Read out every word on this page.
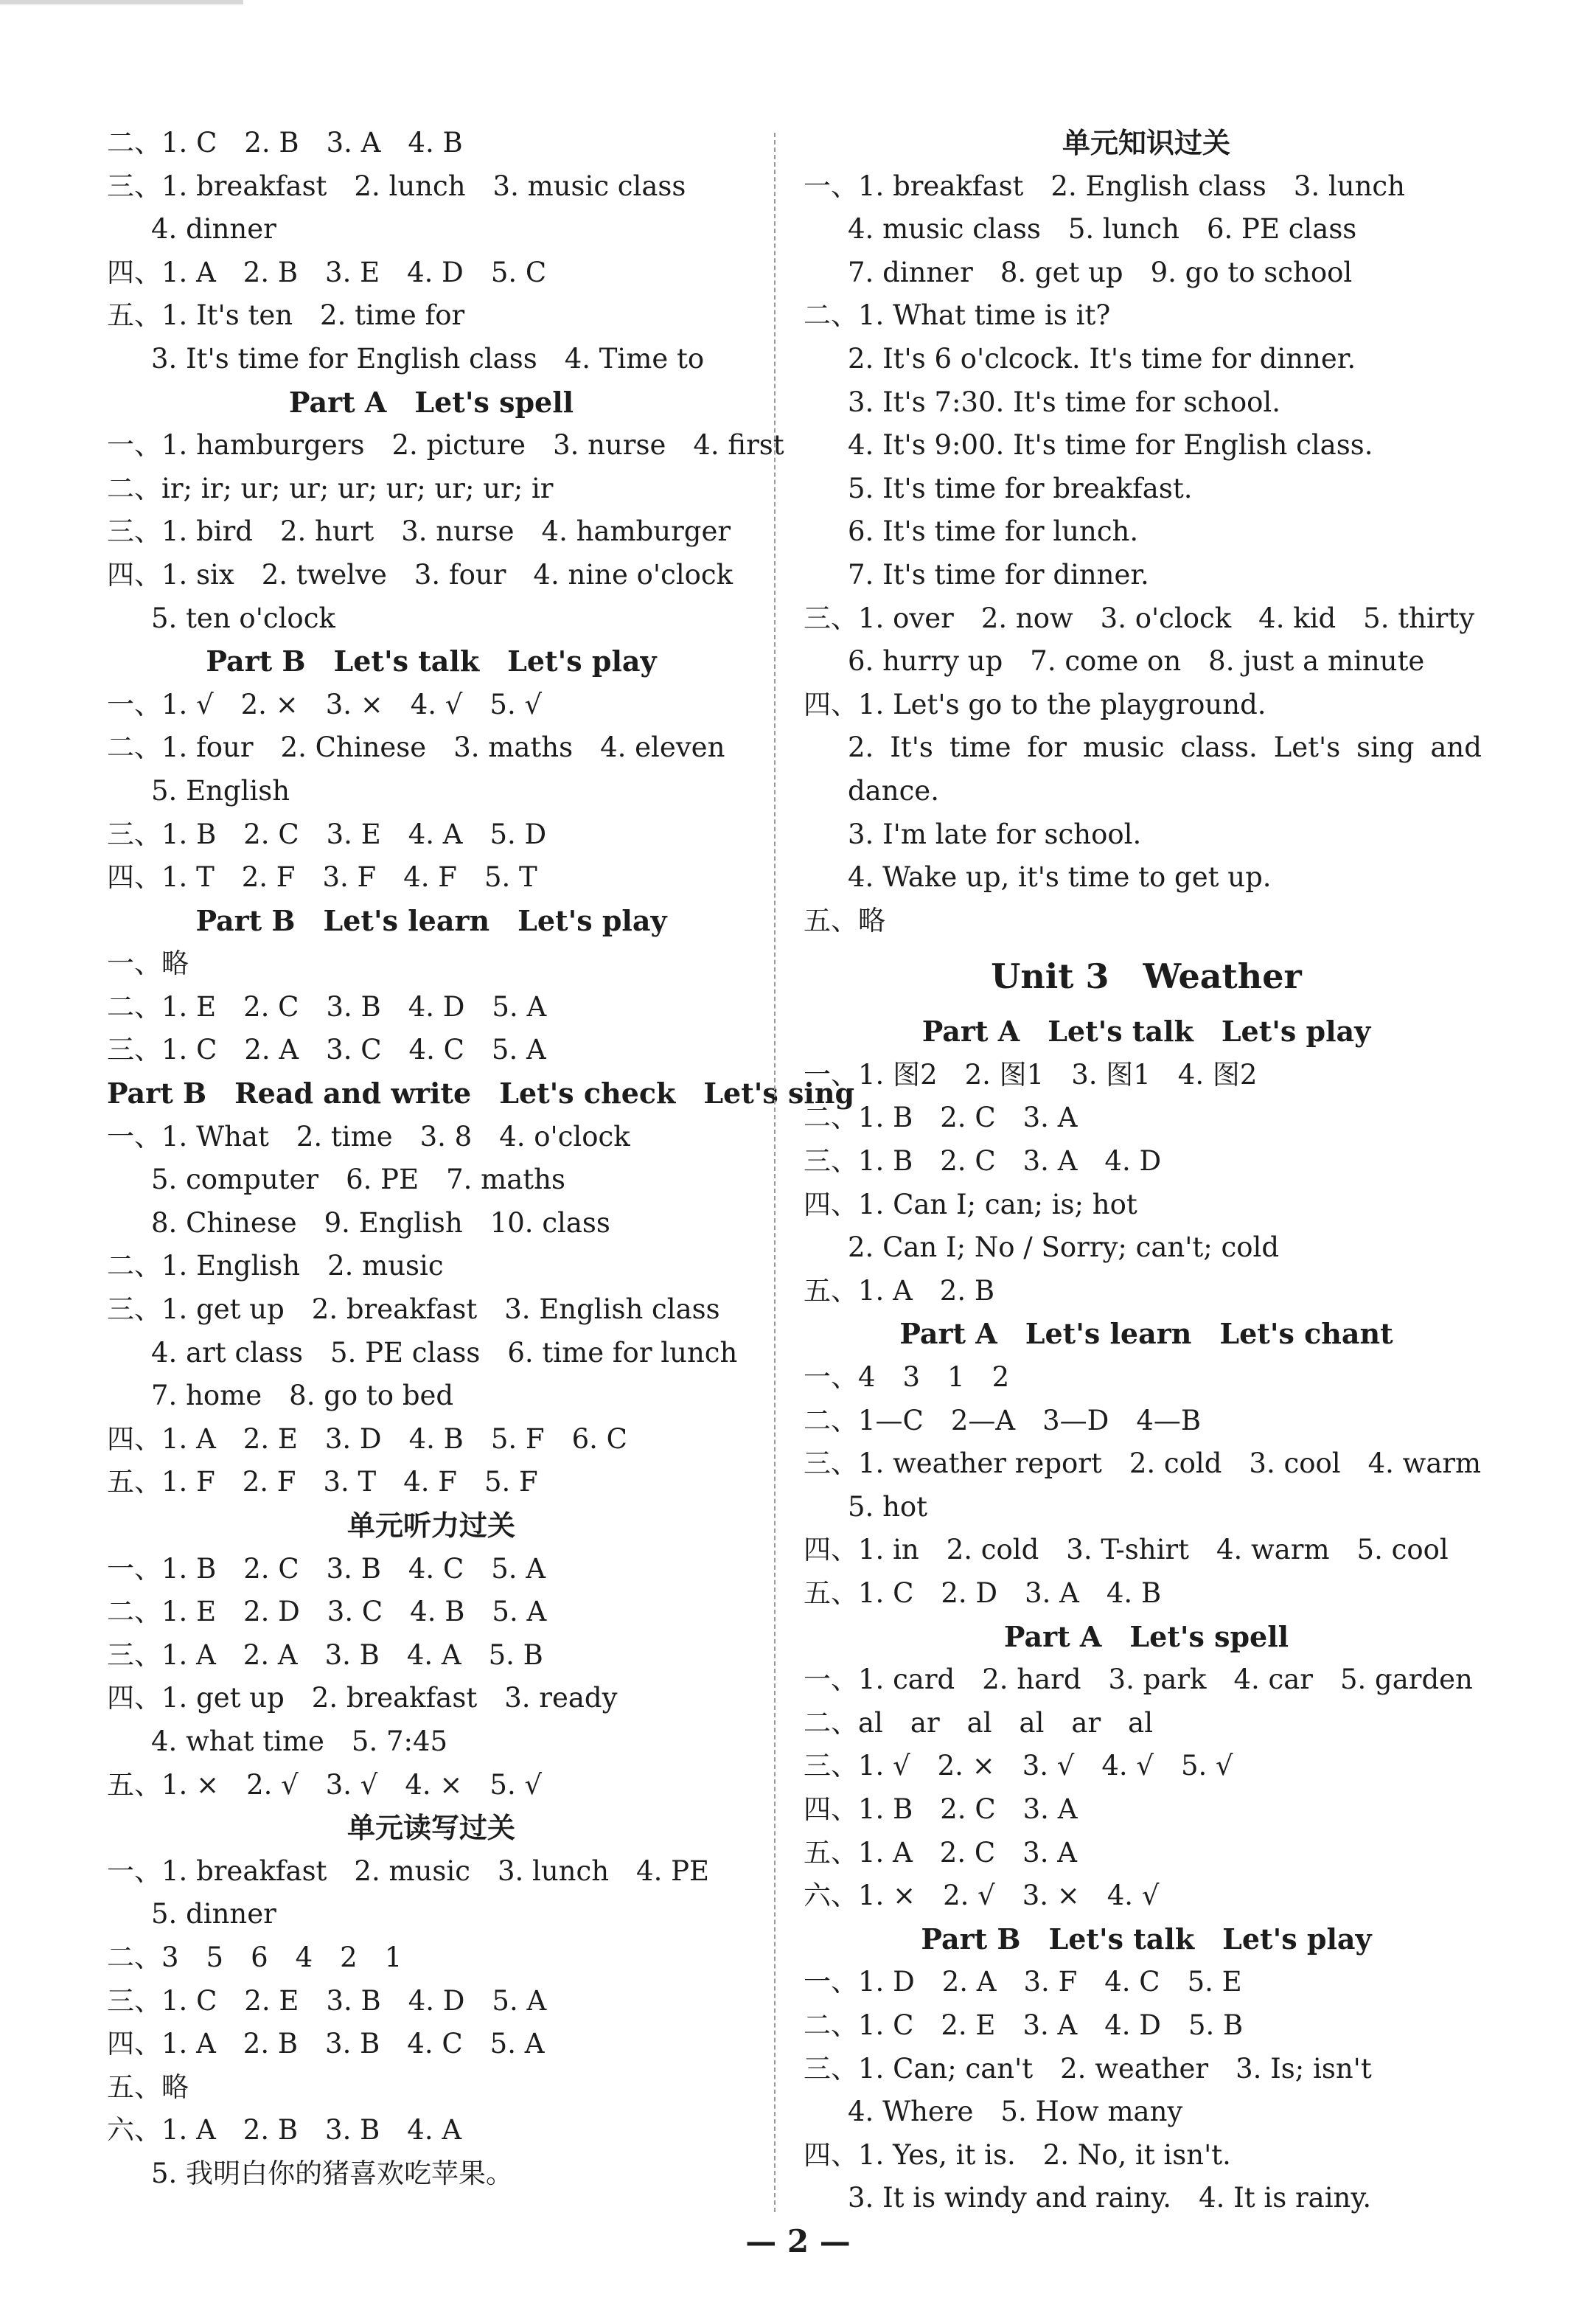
二、1. C　2. B　3. A　4. B
三、1. breakfast　2. lunch　3. music class
4. dinner
四、1. A　2. B　3. E　4. D　5. C
五、1. It's ten　2. time for
3. It's time for English class　4. Time to
Part A　Let's spell
一、1. hamburgers　2. picture　3. nurse　4. first
二、ir; ir; ur; ur; ur; ur; ur; ur; ir
三、1. bird　2. hurt　3. nurse　4. hamburger
四、1. six　2. twelve　3. four　4. nine o'clock
5. ten o'clock
Part B　Let's talk　Let's play
一、1. √　2. ×　3. ×　4. √　5. √
二、1. four　2. Chinese　3. maths　4. eleven
5. English
三、1. B　2. C　3. E　4. A　5. D
四、1. T　2. F　3. F　4. F　5. T
Part B　Let's learn　Let's play
一、略
二、1. E　2. C　3. B　4. D　5. A
三、1. C　2. A　3. C　4. C　5. A
Part B　Read and write　Let's check　Let's sing
一、1. What　2. time　3. 8　4. o'clock
5. computer　6. PE　7. maths
8. Chinese　9. English　10. class
二、1. English　2. music
三、1. get up　2. breakfast　3. English class
4. art class　5. PE class　6. time for lunch
7. home　8. go to bed
四、1. A　2. E　3. D　4. B　5. F　6. C
五、1. F　2. F　3. T　4. F　5. F
单元听力过关
一、1. B　2. C　3. B　4. C　5. A
二、1. E　2. D　3. C　4. B　5. A
三、1. A　2. A　3. B　4. A　5. B
四、1. get up　2. breakfast　3. ready
4. what time　5. 7:45
五、1. ×　2. √　3. √　4. ×　5. √
单元读写过关
一、1. breakfast　2. music　3. lunch　4. PE
5. dinner
二、3　5　6　4　2　1
三、1. C　2. E　3. B　4. D　5. A
四、1. A　2. B　3. B　4. C　5. A
五、略
六、1. A　2. B　3. B　4. A
5. 我明白你的猪喜欢吃苹果。
单元知识过关
一、1. breakfast　2. English class　3. lunch
4. music class　5. lunch　6. PE class
7. dinner　8. get up　9. go to school
二、1. What time is it?
2. It's 6 o'clcock. It's time for dinner.
3. It's 7:30. It's time for school.
4. It's 9:00. It's time for English class.
5. It's time for breakfast.
6. It's time for lunch.
7. It's time for dinner.
三、1. over　2. now　3. o'clock　4. kid　5. thirty
6. hurry up　7. come on　8. just a minute
四、1. Let's go to the playground.
2. It's time for music class. Let's sing and
dance.
3. I'm late for school.
4. Wake up, it's time to get up.
五、略
Unit 3　Weather
Part A　Let's talk　Let's play
一、1. 图2　2. 图1　3. 图1　4. 图2
二、1. B　2. C　3. A
三、1. B　2. C　3. A　4. D
四、1. Can I; can; is; hot
2. Can I; No / Sorry; can't; cold
五、1. A　2. B
Part A　Let's learn　Let's chant
一、4　3　1　2
二、1—C　2—A　3—D　4—B
三、1. weather report　2. cold　3. cool　4. warm
5. hot
四、1. in　2. cold　3. T-shirt　4. warm　5. cool
五、1. C　2. D　3. A　4. B
Part A　Let's spell
一、1. card　2. hard　3. park　4. car　5. garden
二、al　ar　al　al　ar　al
三、1. √　2. ×　3. √　4. √　5. √
四、1. B　2. C　3. A
五、1. A　2. C　3. A
六、1. ×　2. √　3. ×　4. √
Part B　Let's talk　Let's play
一、1. D　2. A　3. F　4. C　5. E
二、1. C　2. E　3. A　4. D　5. B
三、1. Can; can't　2. weather　3. Is; isn't
4. Where　5. How many
四、1. Yes, it is.　2. No, it isn't.
3. It is windy and rainy.　4. It is rainy.
— 2 —
